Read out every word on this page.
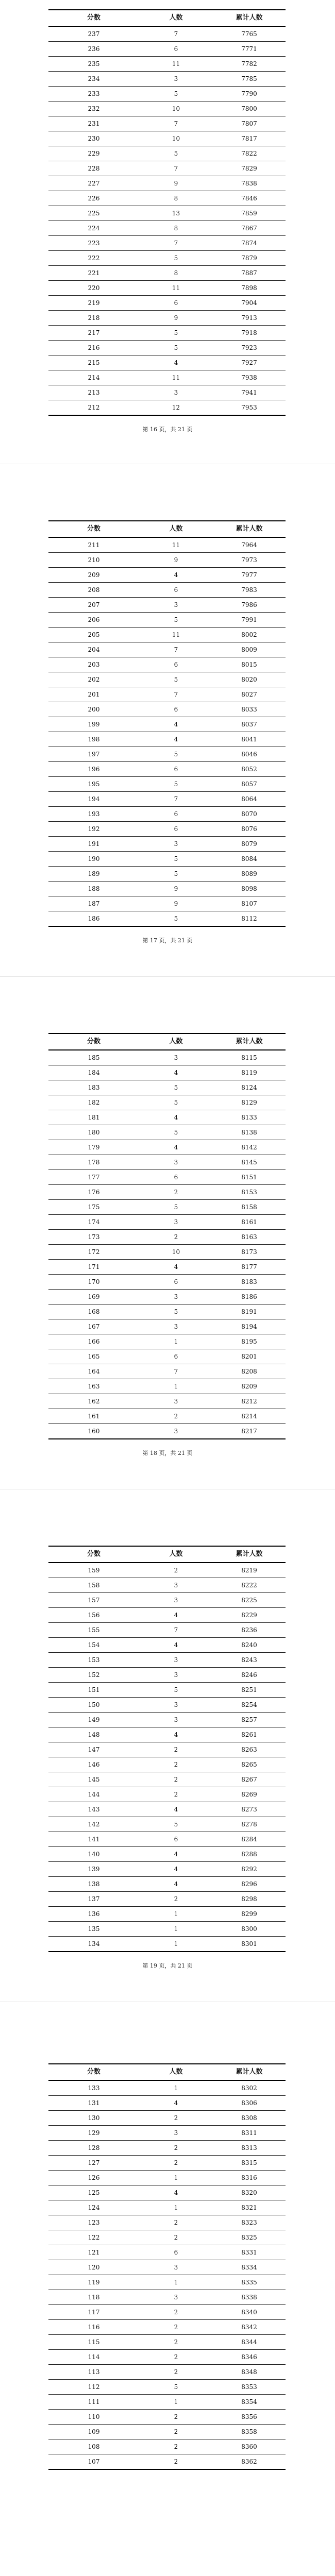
分数	人数	累计人数
237	7	7765
236	6	7771
235	11	7782
234	3	7785
233	5	7790
232	10	7800
231	7	7807
230	10	7817
229	5	7822
228	7	7829
227	9	7838
226	8	7846
225	13	7859
224	8	7867
223	7	7874
222	5	7879
221	8	7887
220	11	7898
219	6	7904
218	9	7913
217	5	7918
216	5	7923
215	4	7927
214	11	7938
213	3	7941
212	12	7953
第 16 页，共 21 页
分数	人数	累计人数
211	11	7964
210	9	7973
209	4	7977
208	6	7983
207	3	7986
206	5	7991
205	11	8002
204	7	8009
203	6	8015
202	5	8020
201	7	8027
200	6	8033
199	4	8037
198	4	8041
197	5	8046
196	6	8052
195	5	8057
194	7	8064
193	6	8070
192	6	8076
191	3	8079
190	5	8084
189	5	8089
188	9	8098
187	9	8107
186	5	8112
第 17 页，共 21 页
分数	人数	累计人数
185	3	8115
184	4	8119
183	5	8124
182	5	8129
181	4	8133
180	5	8138
179	4	8142
178	3	8145
177	6	8151
176	2	8153
175	5	8158
174	3	8161
173	2	8163
172	10	8173
171	4	8177
170	6	8183
169	3	8186
168	5	8191
167	3	8194
166	1	8195
165	6	8201
164	7	8208
163	1	8209
162	3	8212
161	2	8214
160	3	8217
第 18 页，共 21 页
分数	人数	累计人数
159	2	8219
158	3	8222
157	3	8225
156	4	8229
155	7	8236
154	4	8240
153	3	8243
152	3	8246
151	5	8251
150	3	8254
149	3	8257
148	4	8261
147	2	8263
146	2	8265
145	2	8267
144	2	8269
143	4	8273
142	5	8278
141	6	8284
140	4	8288
139	4	8292
138	4	8296
137	2	8298
136	1	8299
135	1	8300
134	1	8301
第 19 页，共 21 页
分数	人数	累计人数
133	1	8302
131	4	8306
130	2	8308
129	3	8311
128	2	8313
127	2	8315
126	1	8316
125	4	8320
124	1	8321
123	2	8323
122	2	8325
121	6	8331
120	3	8334
119	1	8335
118	3	8338
117	2	8340
116	2	8342
115	2	8344
114	2	8346
113	2	8348
112	5	8353
111	1	8354
110	2	8356
109	2	8358
108	2	8360
107	2	8362
